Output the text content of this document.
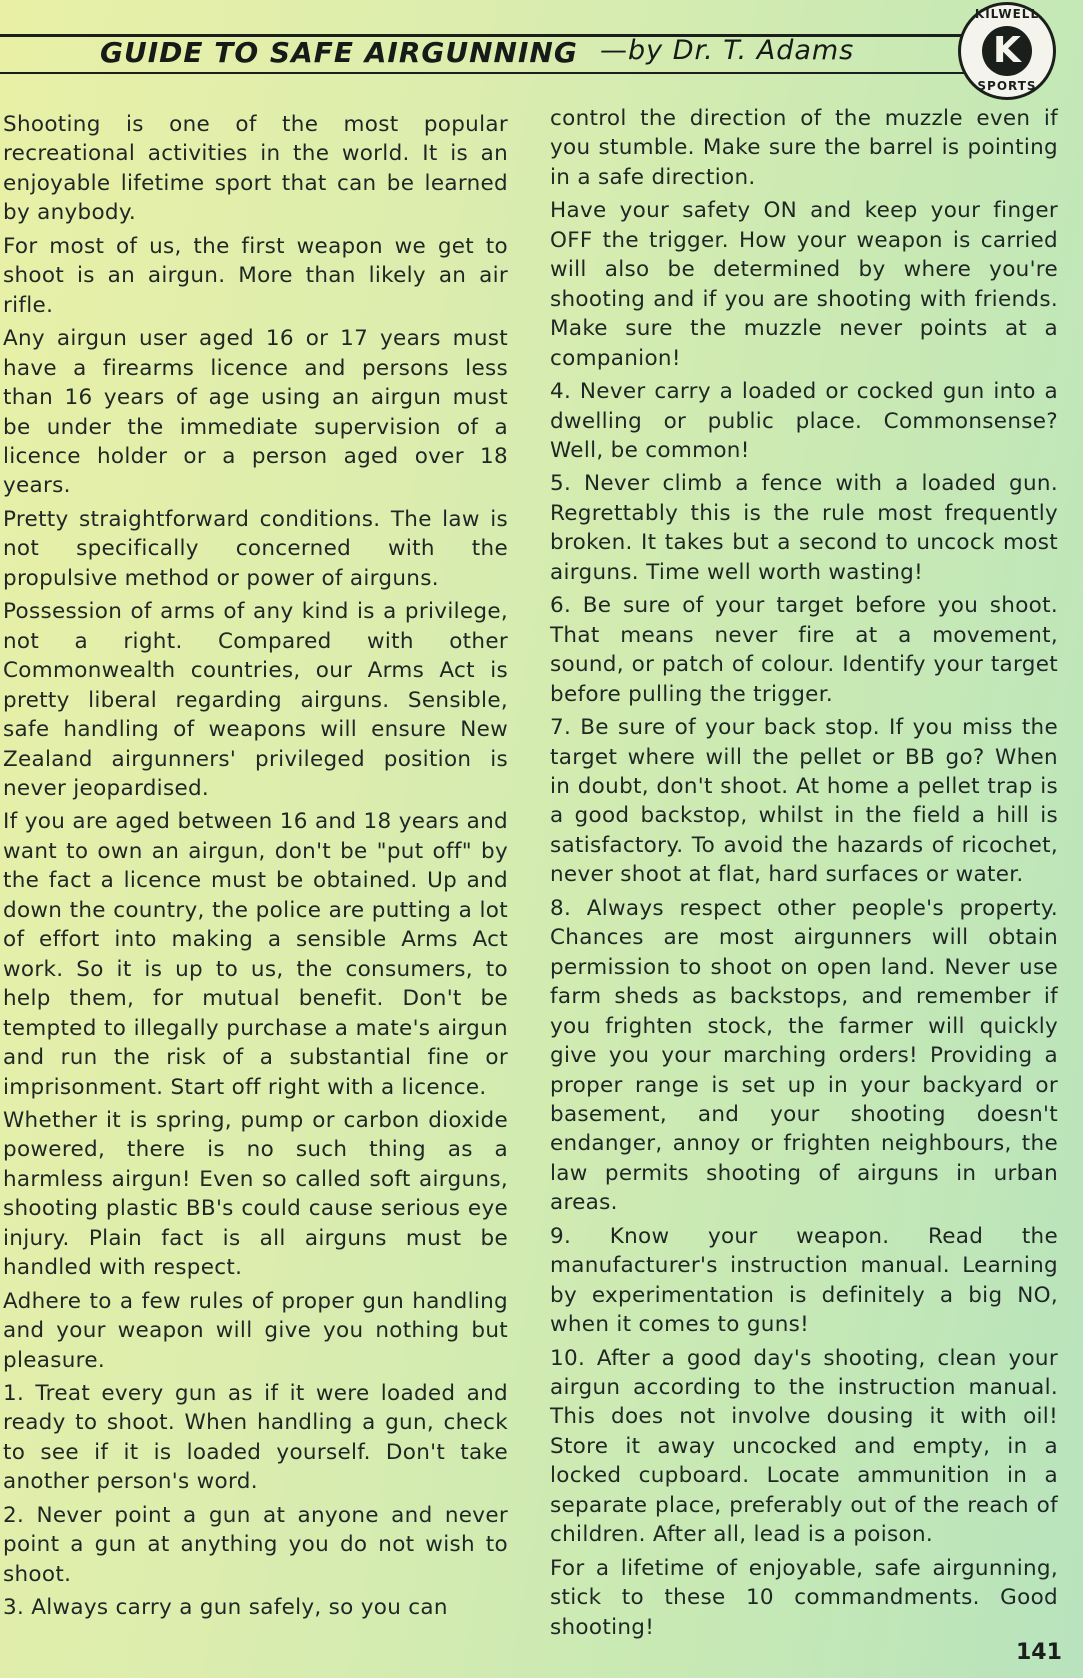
GUIDE TO SAFE AIRGUNNING —by Dr. T. Adams
KILWELL
K
SPORTS

Shooting is one of the most popular recreational activities in the world. It is an enjoyable lifetime sport that can be learned by anybody.

For most of us, the first weapon we get to shoot is an airgun. More than likely an air rifle.

Any airgun user aged 16 or 17 years must have a firearms licence and persons less than 16 years of age using an airgun must be under the immediate supervision of a licence holder or a person aged over 18 years.

Pretty straightforward conditions. The law is not specifically concerned with the propulsive method or power of airguns.

Possession of arms of any kind is a privilege, not a right. Compared with other Commonwealth countries, our Arms Act is pretty liberal regarding airguns. Sensible, safe handling of weapons will ensure New Zealand airgunners' privileged position is never jeopardised.

If you are aged between 16 and 18 years and want to own an airgun, don't be "put off" by the fact a licence must be obtained. Up and down the country, the police are putting a lot of effort into making a sensible Arms Act work. So it is up to us, the consumers, to help them, for mutual benefit. Don't be tempted to illegally purchase a mate's airgun and run the risk of a substantial fine or imprisonment. Start off right with a licence.

Whether it is spring, pump or carbon dioxide powered, there is no such thing as a harmless airgun! Even so called soft airguns, shooting plastic BB's could cause serious eye injury. Plain fact is all airguns must be handled with respect.

Adhere to a few rules of proper gun handling and your weapon will give you nothing but pleasure.

1. Treat every gun as if it were loaded and ready to shoot. When handling a gun, check to see if it is loaded yourself. Don't take another person's word.

2. Never point a gun at anyone and never point a gun at anything you do not wish to shoot.

3. Always carry a gun safely, so you can

control the direction of the muzzle even if you stumble. Make sure the barrel is pointing in a safe direction.

Have your safety ON and keep your finger OFF the trigger. How your weapon is carried will also be determined by where you're shooting and if you are shooting with friends. Make sure the muzzle never points at a companion!

4. Never carry a loaded or cocked gun into a dwelling or public place. Commonsense? Well, be common!

5. Never climb a fence with a loaded gun. Regrettably this is the rule most frequently broken. It takes but a second to uncock most airguns. Time well worth wasting!

6. Be sure of your target before you shoot. That means never fire at a movement, sound, or patch of colour. Identify your target before pulling the trigger.

7. Be sure of your back stop. If you miss the target where will the pellet or BB go? When in doubt, don't shoot. At home a pellet trap is a good backstop, whilst in the field a hill is satisfactory. To avoid the hazards of ricochet, never shoot at flat, hard surfaces or water.

8. Always respect other people's property. Chances are most airgunners will obtain permission to shoot on open land. Never use farm sheds as backstops, and remember if you frighten stock, the farmer will quickly give you your marching orders! Providing a proper range is set up in your backyard or basement, and your shooting doesn't endanger, annoy or frighten neighbours, the law permits shooting of airguns in urban areas.

9. Know your weapon. Read the manufacturer's instruction manual. Learning by experimentation is definitely a big NO, when it comes to guns!

10. After a good day's shooting, clean your airgun according to the instruction manual. This does not involve dousing it with oil! Store it away uncocked and empty, in a locked cupboard. Locate ammunition in a separate place, preferably out of the reach of children. After all, lead is a poison.

For a lifetime of enjoyable, safe airgunning, stick to these 10 commandments. Good shooting!

141
